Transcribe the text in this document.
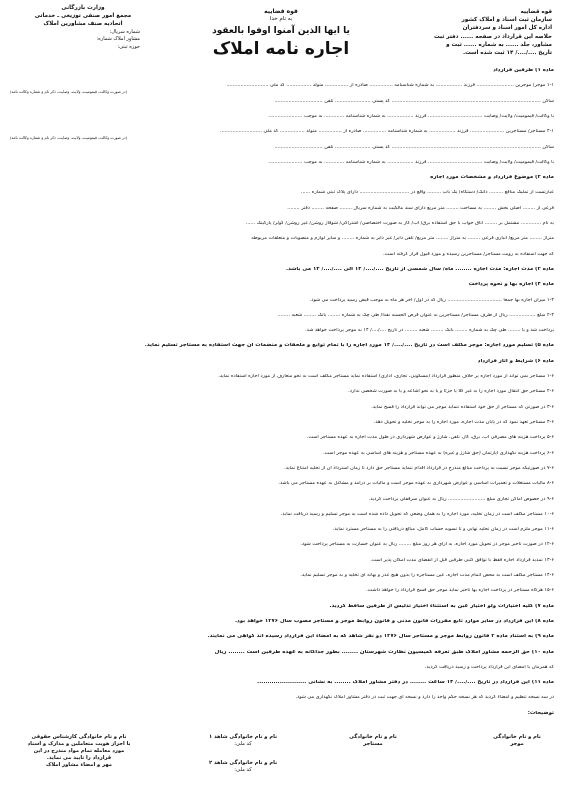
قوه قضاییه
سازمان ثبت اسناد و املاک کشور
اداره کل امور اسناد و سردفتران
خلاصه این قرارداد در صفحه ...... دفتر ثبت
مشاور، جلد ...... به شماره ...... ثبت و
تاریخ ..../..../ ۱۴ ثبت شده است.
وزارت بازرگانی
مجمع امور صنفی توزیعی ـ خدماتی
اتحادیه صنف مشاورین املاک
شماره سریال:
مشاور املاک شماره:
حوزه ثبتی:
قوه قضاییه
به نام خدا
یا ایها الذین آمنوا اوفوا بالعقود
اجاره نامه املاک
ماده ۱) طرفین قرارداد
۱-۱ موجر/ موجرین ........................ فرزند ................. به شماره شناسنامه ............... صادره از ............... متولد ................ کد ملی ...........................
ساکن ................................................................................................ کد پستی ....................... تلفن ...............................
با وکالت/ قیمومیت/ ولایت/ وصایت ................................... فرزند ................. به شماره شناسنامه ............. به موجب ......................
۲-۱ مستاجر/ مستاجرین ...................... فرزند ................. به شماره شناسنامه ............... صادره از ............... متولد ................ کد ملی ...........................
ساکن ................................................................................................ کد پستی ....................... تلفن ...............................
با وکالت/ قیمومیت/ ولایت/ وصایت ................................... فرزند ................. به شماره شناسنامه ............. به موجب ......................
ماده ۲) موضوع قرارداد و مشخصات مورد اجاره
عبارتست از تملیک منافع ......... دانگ/ دستگاه/ یک باب ......... واقع در ................................ دارای پلاک ثبتی شماره ......
فرعی از ........ اصلی بخش ........ به مساحت ........ متر مربع دارای سند مالکیت به شماره سریال ........ صفحه ........ دفتر ........
به نام ............. مشتمل بر ........ اتاق خواب با حق استفاده برق/ آب/ گاز به صورت اختصاصی/ اشتراکی/ شوفاژ روشن/ غیر روشن/ کولر/ پارکینگ ......
متراژ ........ متر مربع/ انباری فرعی ........ به متراژ ........ متر مربع/ تلفن دایر/ غیر دایر به شماره ........ و سایر لوازم و منصوبات و متعلقات مربوطه
که جهت استفاده به رویت مستاجر/ مستاجرین رسیده و مورد قبول قرار گرفته است.
ماده ۳) مدت اجاره: مدت اجاره ........ ماه/ سال شمسی از تاریخ ..../..../ ۱۴ الی ..../..../ ۱۴ می باشد.
ماده ۴) اجاره بها و نحوه پرداخت
۱-۴ میزان اجاره بها جمعاً ................................... ریال که در اول/ آخر هر ماه به موجب قبض رسید پرداخت می شود.
۲-۴ مبلغ ................. ریال از طرف مستاجر/ مستاجرین به عنوان قرض الحسنه نقداً/ طی چک به شماره ........ بانک ........ شعبه ........
پرداخت شد و یا ........ طی چک به شماره ........ بانک ........ شعبه ........ در تاریخ ..../..../ ۱۴ به موجر پرداخت خواهد شد.
ماده ۵) تسلیم مورد اجاره: موجر مکلف است در تاریخ ..../..../ ۱۴ مورد اجاره را با تمام توابع و ملحقات و منضمات آن جهت استفاده به مستاجر تسلیم نماید.
ماده ۶) شرایط و آثار قرارداد
۱-۶ مستاجر نمی تواند از مورد اجاره بر خلاف منظور قرارداد (مسکونی، تجاری، اداری) استفاده نماید مستاجر مکلف است به نحو متعارف از مورد اجاره استفاده نماید.
۲-۶ مستاجر حق انتقال مورد اجاره را به غیر کلاً یا جزئاً و یا به نحو اشاعه و یا به صورت شخصی ندارد.
۳-۶ در صورتی که مستاجر از حق خود استفاده ننماید موجر می تواند قرارداد را فسخ نماید.
۴-۶ مستاجر تعهد نمود که در پایان مدت اجاره، مورد اجاره را به موجر تخلیه و تحویل دهد.
۵-۶ پرداخت هزینه های مصرفی آب، برق، گاز، تلفن، شارژ و عوارض شهرداری در طول مدت اجاره به عهده مستاجر است.
۶-۶ پرداخت هزینه نگهداری آپارتمان (حق شارژ و غیره) به عهده مستاجر و هزینه های اساسی به عهده موجر است.
۷-۶ در صورتیکه موجر نسبت به پرداخت مبالغ مندرج در قرارداد اقدام ننماید مستاجر حق دارد تا زمان استرداد آن از تخلیه امتناع نماید.
۸-۶ مالیات مستغلات و تعمیرات اساسی و عوارض شهرداری به عهده موجر است و مالیات بر درآمد و مشاغل به عهده مستاجر می باشد.
۹-۶ در خصوص اماکن تجاری مبلغ ........................ ریال به عنوان سرقفلی پرداخت گردید.
۱۰-۶ مستاجر مکلف است در زمان تخلیه، مورد اجاره را به همان وضعی که تحویل داده شده است به موجر تسلیم و رسید دریافت نماید.
۱۱-۶ موجر ملزم است در زمان تخلیه نهایی و تا تسویه حساب کامل، مبالغ دریافتی را به مستاجر مسترد نماید.
۱۲-۶ در صورت تاخیر موجر در تحویل مورد اجاره، به ازای هر روز مبلغ ........ ریال به عنوان خسارت به مستاجر پرداخت شود.
۱۳-۶ تمدید قرارداد اجاره فقط با توافق کتبی طرفین قبل از انقضای مدت امکان پذیر است.
۱۴-۶ مستاجر مکلف است به محض اتمام مدت اجاره، عین مستاجره را بدون هیچ عذر و بهانه ای تخلیه و به موجر تسلیم نماید.
۱۵-۶ هرگاه مستاجر در پرداخت اجاره بها تاخیر نماید موجر حق فسخ قرارداد را خواهد داشت.
ماده ۷) کلیه اختیارات ولو اختیار غبن به استثناء اختیار تدلیس از طرفین ساقط گردید.
ماده ۸) این قرارداد در سایر موارد تابع مقررات قانون مدنی و قانون روابط موجر و مستاجر مصوب سال ۱۳۷۶ خواهد بود.
ماده ۹) به استناد ماده ۳ قانون روابط موجر و مستاجر سال ۱۳۷۶ دو نفر شاهد که به امضاء این قرارداد رسیده اند گواهی می نمایند.
ماده ۱۰) حق الزحمه مشاور املاک طبق تعرفه کمیسیون نظارت شهرستان ........ بطور جداگانه به عهده طرفین است ........ ریال
که همزمان با امضای این قرارداد پرداخت و رسید دریافت گردید.
ماده ۱۱) این قرارداد در تاریخ ..../..../ ۱۴ ساعت ........ در دفتر مشاور املاک ........ به نشانی ........................
در سه نسخه تنظیم و امضاء گردید که هر نسخه حکم واحد را دارد و نسخه ای جهت ثبت در دفتر مشاور املاک نگهداری می شود.
توضیحات:
(در صورت وکالت، قیمومیت، ولایت، وصایت، ذکر نام و شماره وکالت نامه)
(در صورت وکالت، قیمومیت، ولایت، وصایت، ذکر نام و شماره وکالت نامه)
نام و نام خانوادگی
موجر
نام و نام خانوادگی
مستاجر
نام و نام خانوادگی شاهد ۱
کد ملی:
نام و نام خانوادگی شاهد ۲
کد ملی:
نام و نام خانوادگی کارشناس حقوقی
با احراز هویت متعاملین و مدارک و اسناد
مورد معامله تمام مواد مندرج در این
قرارداد را تایید می نماید.
مهر و امضاء مشاور املاک
